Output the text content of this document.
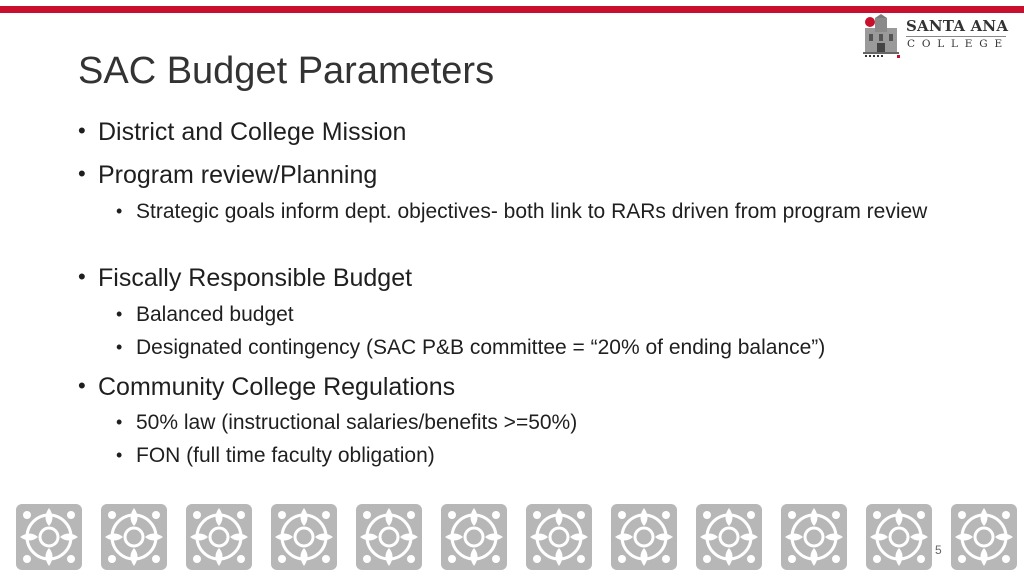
SANTA ANA
COLLEGE
SAC Budget Parameters
• District and College Mission
• Program review/Planning
• Strategic goals inform dept. objectives- both link to RARs driven from program review
• Fiscally Responsible Budget
• Balanced budget
• Designated contingency (SAC P&B committee = “20% of ending balance”)
• Community College Regulations
• 50% law (instructional salaries/benefits >=50%)
• FON (full time faculty obligation)
5
